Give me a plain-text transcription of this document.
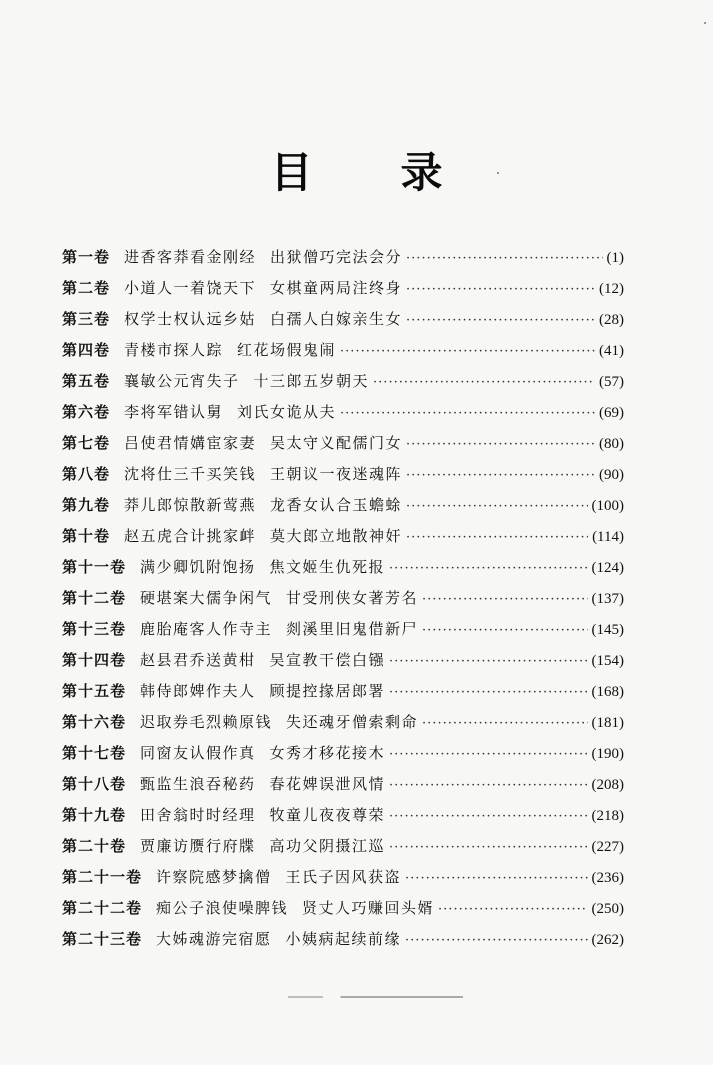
目 录
第一卷 进香客莽看金刚经 出狱僧巧完法会分 ·····	(1)
第二卷 小道人一着饶天下 女棋童两局注终身 ·····	(12)
第三卷 权学士权认远乡姑 白孺人白嫁亲生女 ·····	(28)
第四卷 青楼市探人踪 红花场假鬼闹 ·····	(41)
第五卷 襄敏公元宵失子 十三郎五岁朝天 ·····	(57)
第六卷 李将军错认舅 刘氏女诡从夫 ·····	(69)
第七卷 吕使君情媾宦家妻 吴太守义配儒门女 ·····	(80)
第八卷 沈将仕三千买笑钱 王朝议一夜迷魂阵 ·····	(90)
第九卷 莽儿郎惊散新莺燕 龙香女认合玉蟾蜍 ·····	(100)
第十卷 赵五虎合计挑家衅 莫大郎立地散神奸 ·····	(114)
第十一卷 满少卿饥附饱扬 焦文姬生仇死报 ·····	(124)
第十二卷 硬堪案大儒争闲气 甘受刑侠女著芳名 ·····	(137)
第十三卷 鹿胎庵客人作寺主 剡溪里旧鬼借新尸 ·····	(145)
第十四卷 赵县君乔送黄柑 吴宣教干偿白镪 ·····	(154)
第十五卷 韩侍郎婢作夫人 顾提控掾居郎署 ·····	(168)
第十六卷 迟取券毛烈赖原钱 失还魂牙僧索剩命 ·····	(181)
第十七卷 同窗友认假作真 女秀才移花接木 ·····	(190)
第十八卷 甄监生浪吞秘药 春花婢误泄风情 ·····	(208)
第十九卷 田舍翁时时经理 牧童儿夜夜尊荣 ·····	(218)
第二十卷 贾廉访赝行府牒 高功父阴摄江巡 ·····	(227)
第二十一卷 许察院感梦擒僧 王氏子因风获盗 ·····	(236)
第二十二卷 痴公子浪使噪脾钱 贤丈人巧赚回头婿 ·····	(250)
第二十三卷 大姊魂游完宿愿 小姨病起续前缘 ·····	(262)
